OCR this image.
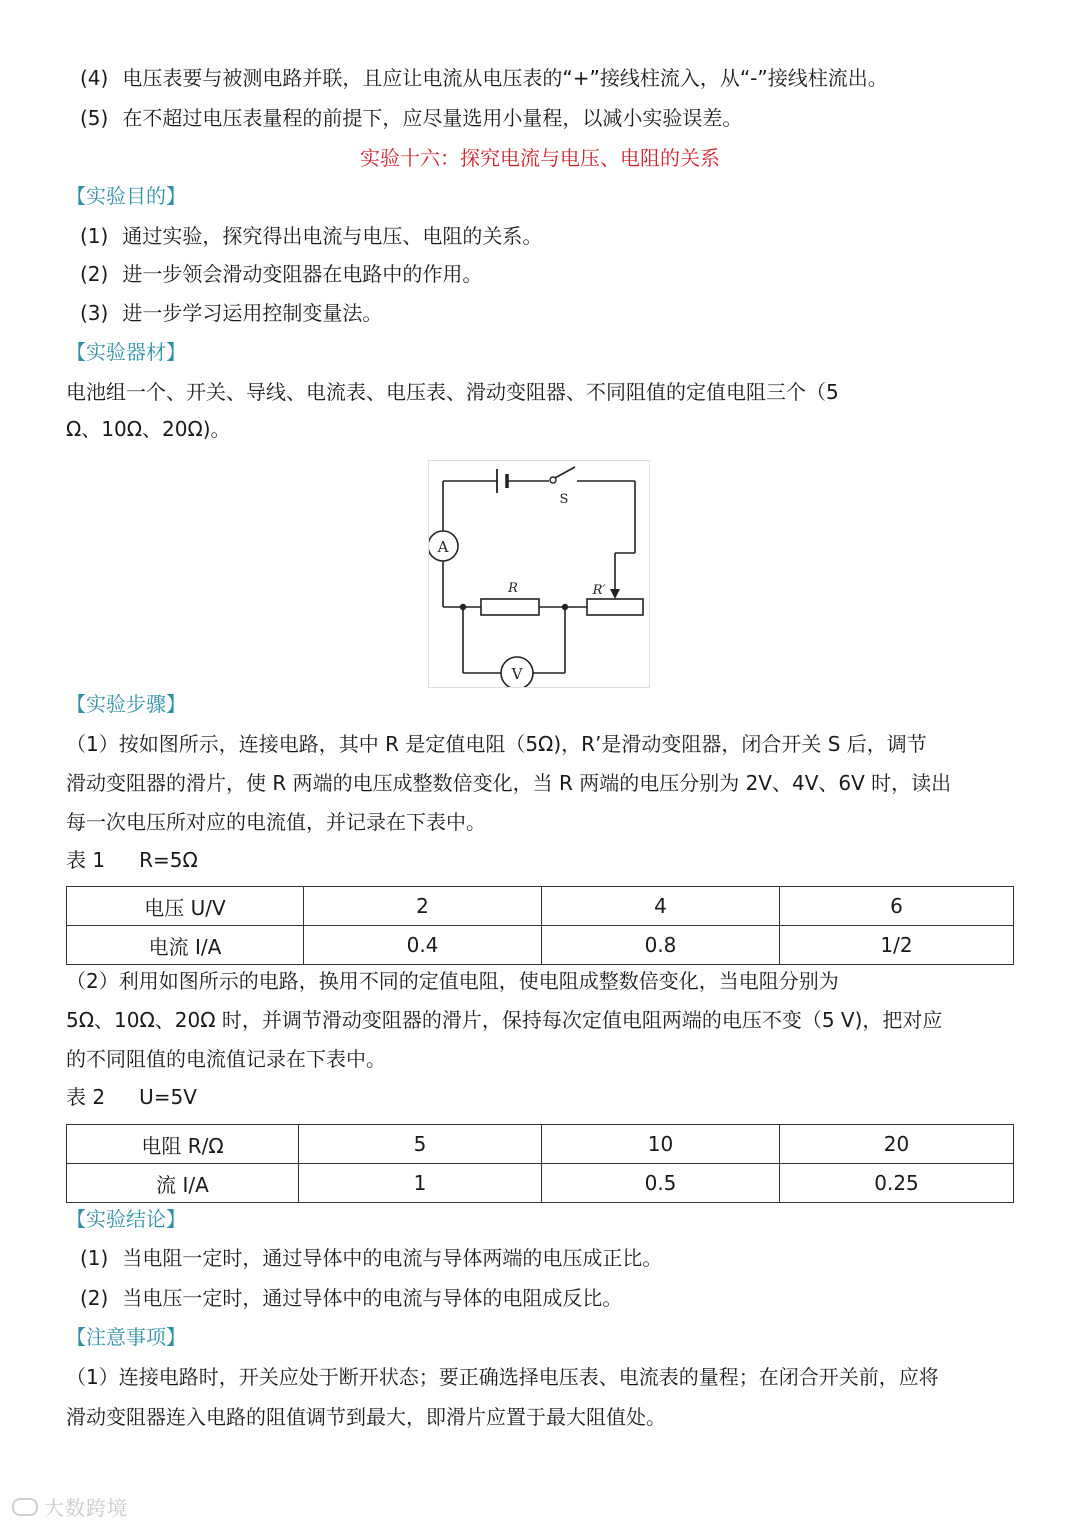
(4) 电压表要与被测电路并联，且应让电流从电压表的“+”接线柱流入，从“-”接线柱流出。
(5) 在不超过电压表量程的前提下，应尽量选用小量程，以减小实验误差。
实验十六：探究电流与电压、电阻的关系
【实验目的】
(1) 通过实验，探究得出电流与电压、电阻的关系。
(2) 进一步领会滑动变阻器在电路中的作用。
(3) 进一步学习运用控制变量法。
【实验器材】
电池组一个、开关、导线、电流表、电压表、滑动变阻器、不同阻值的定值电阻三个（5
Ω、10Ω、20Ω)。
A
V
S
R	R′
【实验步骤】
（1）按如图所示，连接电路，其中 R 是定值电阻（5Ω)，R’是滑动变阻器，闭合开关 S 后，调节
滑动变阻器的滑片，使 R 两端的电压成整数倍变化，当 R 两端的电压分别为 2V、4V、6V 时，读出
每一次电压所对应的电流值，并记录在下表中。
表 1 R=5Ω
电压 U/V	2	4	6
电流 I/A	0.4	0.8	1/2
（2）利用如图所示的电路，换用不同的定值电阻，使电阻成整数倍变化，当电阻分别为
5Ω、10Ω、20Ω 时，并调节滑动变阻器的滑片，保持每次定值电阻两端的电压不变（5 V)，把对应
的不同阻值的电流值记录在下表中。
表 2 U=5V
电阻 R/Ω	5	10	20
流 I/A	1	0.5	0.25
【实验结论】
(1) 当电阻一定时，通过导体中的电流与导体两端的电压成正比。
(2) 当电压一定时，通过导体中的电流与导体的电阻成反比。
【注意事项】
（1）连接电路时，开关应处于断开状态；要正确选择电压表、电流表的量程；在闭合开关前，应将
滑动变阻器连入电路的阻值调节到最大，即滑片应置于最大阻值处。
大数跨境
